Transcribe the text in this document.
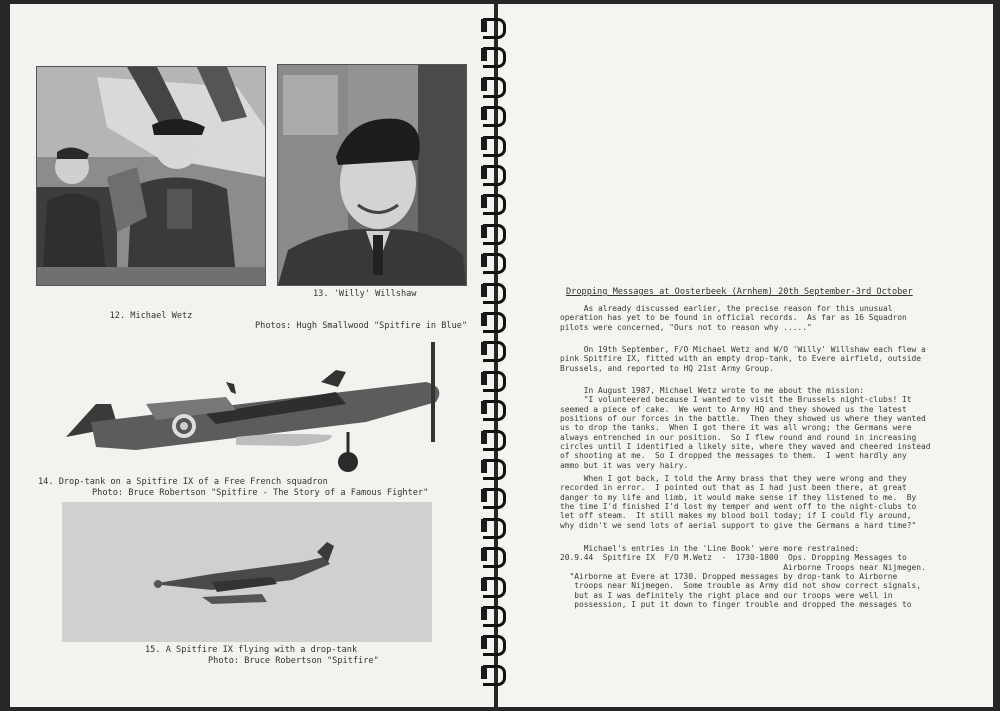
12. Michael Wetz

13. 'Willy' Willshaw
Photos: Hugh Smallwood "Spitfire in Blue"
14. Drop-tank on a Spitfire IX of a Free French squadron
Photo: Bruce Robertson "Spitfire - The Story of a Famous Fighter"
15. A Spitfire IX flying with a drop-tank
Photo: Bruce Robertson "Spitfire"
Dropping Messages at Oosterbeek (Arnhem) 20th September-3rd October

As already discussed earlier, the precise reason for this unusual

operation has yet to be found in official records.  As far as 16 Squadron

pilots were concerned, "Ours not to reason why ....."

On 19th September, F/O Michael Wetz and W/O 'Willy' Willshaw each flew a

pink Spitfire IX, fitted with an empty drop-tank, to Evere airfield, outside

Brussels, and reported to HQ 21st Army Group.

In August 1987, Michael Wetz wrote to me about the mission:

"I volunteered because I wanted to visit the Brussels night-clubs! It

seemed a piece of cake.  We went to Army HQ and they showed us the latest

positions of our forces in the battle.  Then they showed us where they wanted

us to drop the tanks.  When I got there it was all wrong; the Germans were

always entrenched in our position.  So I flew round and round in increasing

circles until I identified a likely site, where they waved and cheered instead

of shooting at me.  So I dropped the messages to them.  I went hardly any

ammo but it was very hairy.

When I got back, I told the Army brass that they were wrong and they

recorded in error.  I pointed out that as I had just been there, at great

danger to my life and limb, it would make sense if they listened to me.  By

the time I'd finished I'd lost my temper and went off to the night-clubs to

let off steam.  It still makes my blood boil today; if I could fly around,

why didn't we send lots of aerial support to give the Germans a hard time?"

Michael's entries in the 'Line Book' were more restrained:

20.9.44  Spitfire IX  F/O M.Wetz  -  1730-1800  Ops. Dropping Messages to

Airborne Troops near Nijmegen.

"Airborne at Evere at 1730. Dropped messages by drop-tank to Airborne

troops near Nijmegen.  Some trouble as Army did not show correct signals,

but as I was definitely the right place and our troops were well in

possession, I put it down to finger trouble and dropped the messages to
